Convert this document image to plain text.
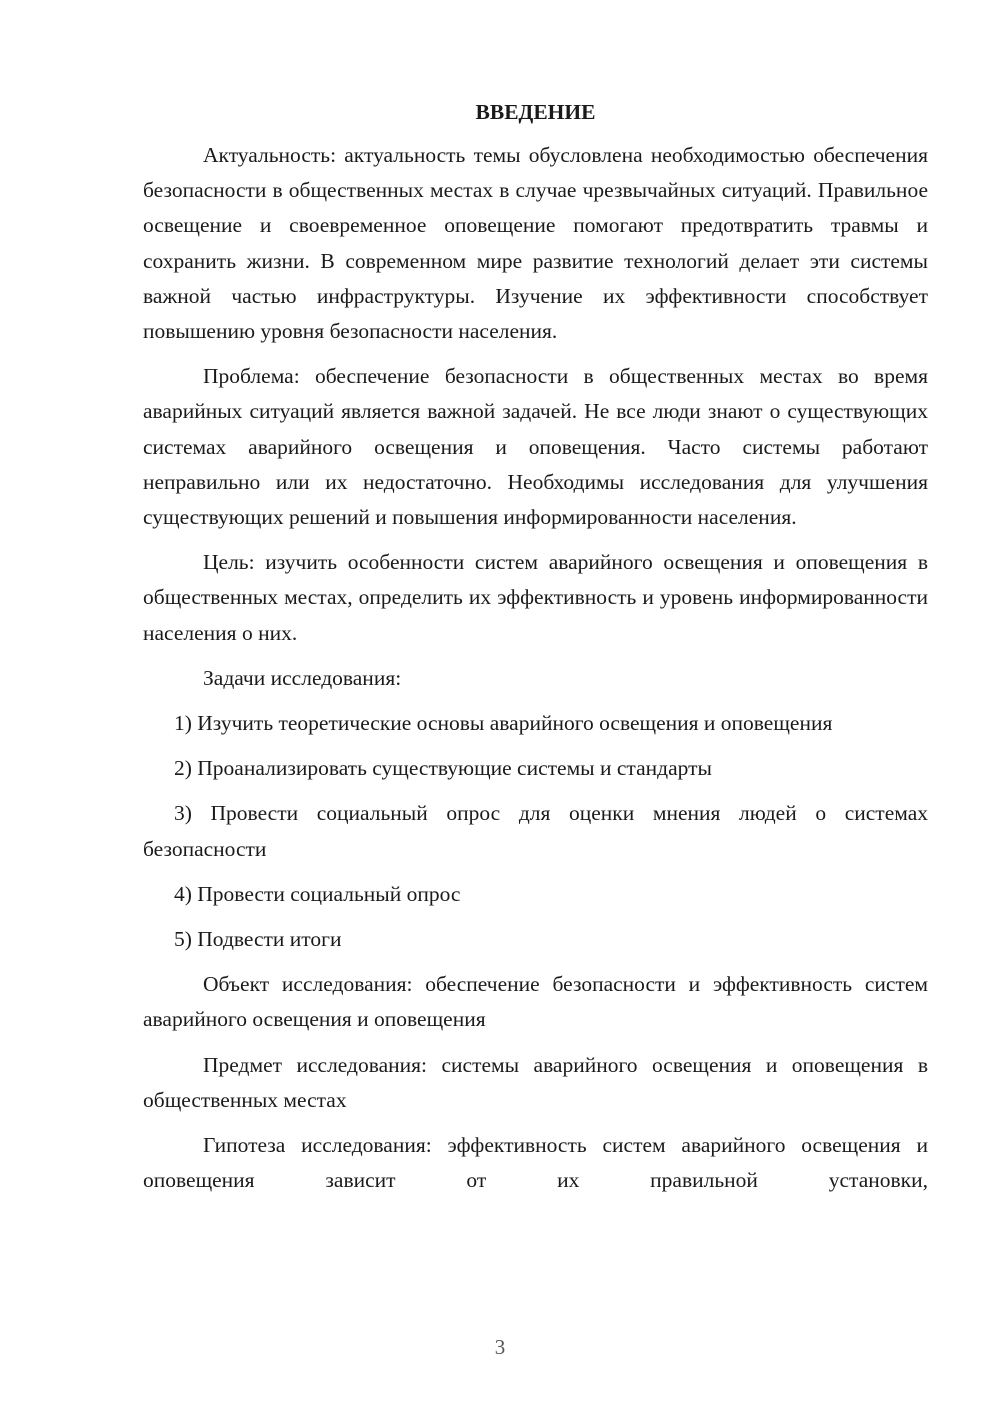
ВВЕДЕНИЕ

Актуальность: актуальность темы обусловлена необходимостью обеспечения безопасности в общественных местах в случае чрезвычайных ситуаций. Правильное освещение и своевременное оповещение помогают предотвратить травмы и сохранить жизни. В современном мире развитие технологий делает эти системы важной частью инфраструктуры. Изучение их эффективности способствует повышению уровня безопасности населения.

Проблема: обеспечение безопасности в общественных местах во время аварийных ситуаций является важной задачей. Не все люди знают о существующих системах аварийного освещения и оповещения. Часто системы работают неправильно или их недостаточно. Необходимы исследования для улучшения существующих решений и повышения информированности населения.

Цель: изучить особенности систем аварийного освещения и оповещения в общественных местах, определить их эффективность и уровень информированности населения о них.

Задачи исследования:

1) Изучить теоретические основы аварийного освещения и оповещения

2) Проанализировать существующие системы и стандарты

3) Провести социальный опрос для оценки мнения людей о системах безопасности

4) Провести социальный опрос

5) Подвести итоги

Объект исследования: обеспечение безопасности и эффективность систем аварийного освещения и оповещения

Предмет исследования: системы аварийного освещения и оповещения в общественных местах

Гипотеза исследования: эффективность систем аварийного освещения и оповещения зависит от их правильной установки,

3
